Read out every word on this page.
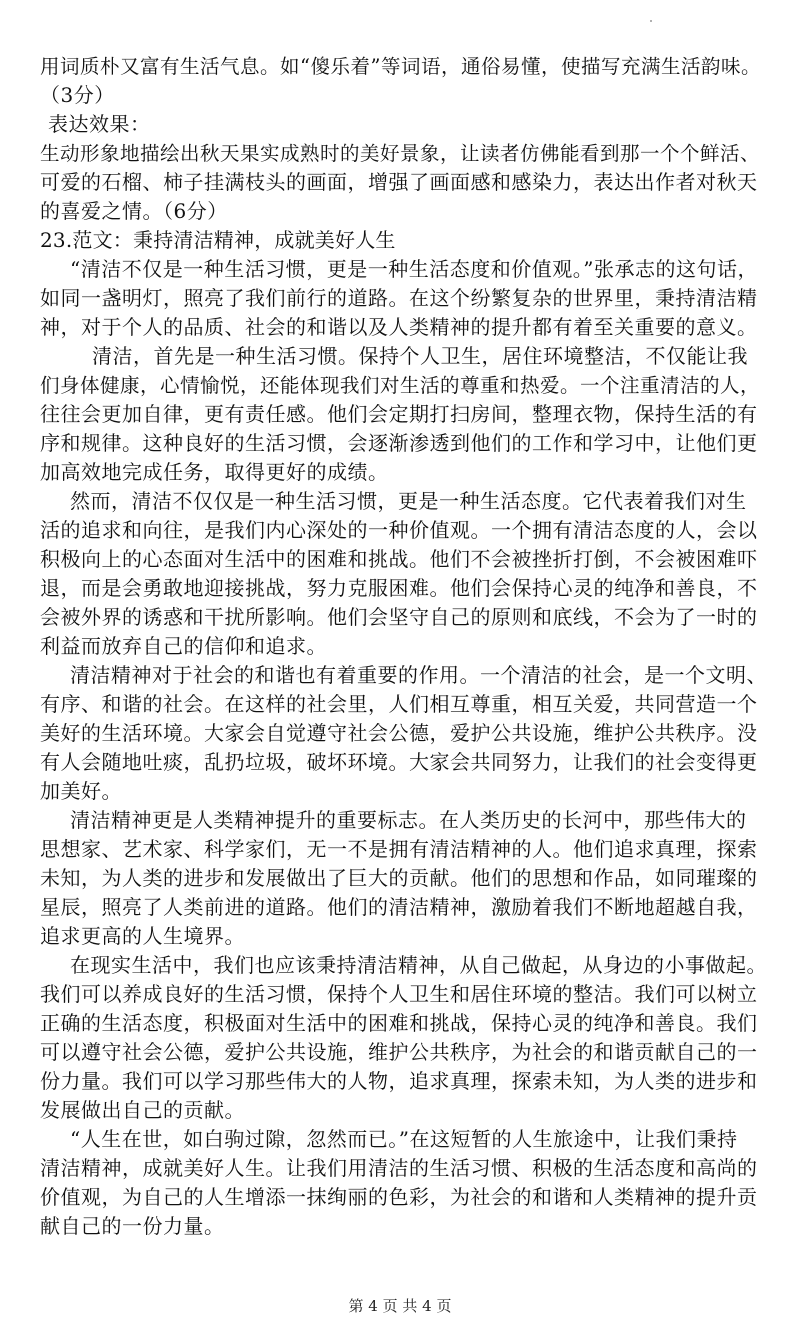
用词质朴又富有生活气息。如“傻乐着”等词语，通俗易懂，使描写充满生活韵味。
（3分）
表达效果：
生动形象地描绘出秋天果实成熟时的美好景象，让读者仿佛能看到那一个个鲜活、
可爱的石榴、柿子挂满枝头的画面，增强了画面感和感染力，表达出作者对秋天
的喜爱之情。（6分）
23.范文：秉持清洁精神，成就美好人生
“清洁不仅是一种生活习惯，更是一种生活态度和价值观。”张承志的这句话，
如同一盏明灯，照亮了我们前行的道路。在这个纷繁复杂的世界里，秉持清洁精
神，对于个人的品质、社会的和谐以及人类精神的提升都有着至关重要的意义。
清洁，首先是一种生活习惯。保持个人卫生，居住环境整洁，不仅能让我
们身体健康，心情愉悦，还能体现我们对生活的尊重和热爱。一个注重清洁的人，
往往会更加自律，更有责任感。他们会定期打扫房间，整理衣物，保持生活的有
序和规律。这种良好的生活习惯，会逐渐渗透到他们的工作和学习中，让他们更
加高效地完成任务，取得更好的成绩。
然而，清洁不仅仅是一种生活习惯，更是一种生活态度。它代表着我们对生
活的追求和向往，是我们内心深处的一种价值观。一个拥有清洁态度的人，会以
积极向上的心态面对生活中的困难和挑战。他们不会被挫折打倒，不会被困难吓
退，而是会勇敢地迎接挑战，努力克服困难。他们会保持心灵的纯净和善良，不
会被外界的诱惑和干扰所影响。他们会坚守自己的原则和底线，不会为了一时的
利益而放弃自己的信仰和追求。
清洁精神对于社会的和谐也有着重要的作用。一个清洁的社会，是一个文明、
有序、和谐的社会。在这样的社会里，人们相互尊重，相互关爱，共同营造一个
美好的生活环境。大家会自觉遵守社会公德，爱护公共设施，维护公共秩序。没
有人会随地吐痰，乱扔垃圾，破坏环境。大家会共同努力，让我们的社会变得更
加美好。
清洁精神更是人类精神提升的重要标志。在人类历史的长河中，那些伟大的
思想家、艺术家、科学家们，无一不是拥有清洁精神的人。他们追求真理，探索
未知，为人类的进步和发展做出了巨大的贡献。他们的思想和作品，如同璀璨的
星辰，照亮了人类前进的道路。他们的清洁精神，激励着我们不断地超越自我，
追求更高的人生境界。
在现实生活中，我们也应该秉持清洁精神，从自己做起，从身边的小事做起。
我们可以养成良好的生活习惯，保持个人卫生和居住环境的整洁。我们可以树立
正确的生活态度，积极面对生活中的困难和挑战，保持心灵的纯净和善良。我们
可以遵守社会公德，爱护公共设施，维护公共秩序，为社会的和谐贡献自己的一
份力量。我们可以学习那些伟大的人物，追求真理，探索未知，为人类的进步和
发展做出自己的贡献。
“人生在世，如白驹过隙，忽然而已。”在这短暂的人生旅途中，让我们秉持
清洁精神，成就美好人生。让我们用清洁的生活习惯、积极的生活态度和高尚的
价值观，为自己的人生增添一抹绚丽的色彩，为社会的和谐和人类精神的提升贡
献自己的一份力量。
第 4 页 共 4 页
